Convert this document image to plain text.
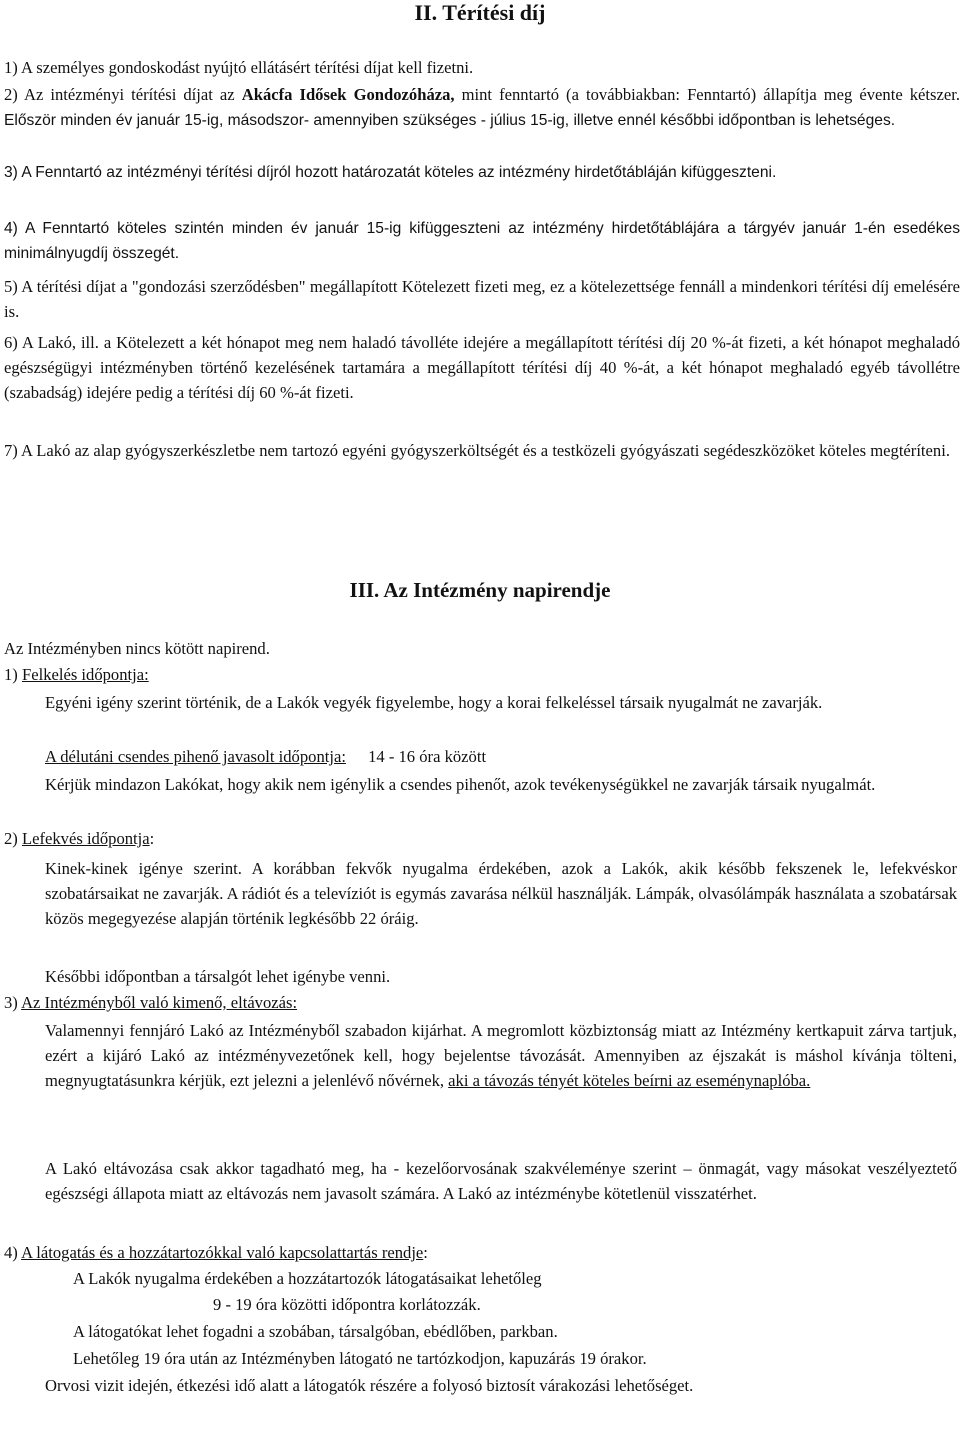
II. Térítési díj
1) A személyes gondoskodást nyújtó ellátásért térítési díjat kell fizetni.
2) Az intézményi térítési díjat az Akácfa Idősek Gondozóháza, mint fenntartó (a továbbiakban: Fenntartó) állapítja meg évente kétszer. Először minden év január 15-ig, másodszor- amennyiben szükséges - július 15-ig, illetve ennél későbbi időpontban is lehetséges.
3) A Fenntartó az intézményi térítési díjról hozott határozatát köteles az intézmény hirdetőtábláján kifüggeszteni.
4) A Fenntartó köteles szintén minden év január 15-ig kifüggeszteni az intézmény hirdetőtáblájára a tárgyév január 1-én esedékes minimálnyugdíj összegét.
5) A térítési díjat a "gondozási szerződésben" megállapított Kötelezett fizeti meg, ez a kötelezettsége fennáll a mindenkori térítési díj emelésére is.
6) A Lakó, ill. a Kötelezett a két hónapot meg nem haladó távolléte idejére a megállapított térítési díj 20 %-át fizeti, a két hónapot meghaladó egészségügyi intézményben történő kezelésének tartamára a megállapított térítési díj 40 %-át, a két hónapot meghaladó egyéb távollétre (szabadság) idejére pedig a térítési díj 60 %-át fizeti.
7) A Lakó az alap gyógyszerkészletbe nem tartozó egyéni gyógyszerköltségét és a testközeli gyógyászati segédeszközöket köteles megtéríteni.
III. Az Intézmény napirendje
Az Intézményben nincs kötött napirend.
1) Felkelés időpontja:
Egyéni igény szerint történik, de a Lakók vegyék figyelembe, hogy a korai felkeléssel társaik nyugalmát ne zavarják.
A délutáni csendes pihenő javasolt időpontja: 14 - 16 óra között
Kérjük mindazon Lakókat, hogy akik nem igénylik a csendes pihenőt, azok tevékenységükkel ne zavarják társaik nyugalmát.
2) Lefekvés időpontja:
Kinek-kinek igénye szerint. A korábban fekvők nyugalma érdekében, azok a Lakók, akik később fekszenek le, lefekvéskor szobatársaikat ne zavarják. A rádiót és a televíziót is egymás zavarása nélkül használják. Lámpák, olvasólámpák használata a szobatársak közös megegyezése alapján történik legkésőbb 22 óráig.
Későbbi időpontban a társalgót lehet igénybe venni.
3) Az Intézményből való kimenő, eltávozás:
Valamennyi fennjáró Lakó az Intézményből szabadon kijárhat. A megromlott közbiztonság miatt az Intézmény kertkapuit zárva tartjuk, ezért a kijáró Lakó az intézményvezetőnek kell, hogy bejelentse távozását. Amennyiben az éjszakát is máshol kívánja tölteni, megnyugtatásunkra kérjük, ezt jelezni a jelenlévő nővérnek, aki a távozás tényét köteles beírni az eseménynaplóba.
A Lakó eltávozása csak akkor tagadható meg, ha - kezelőorvosának szakvéleménye szerint – önmagát, vagy másokat veszélyeztető egészségi állapota miatt az eltávozás nem javasolt számára. A Lakó az intézménybe kötetlenül visszatérhet.
4) A látogatás és a hozzátartozókkal való kapcsolattartás rendje:
A Lakók nyugalma érdekében a hozzátartozók látogatásaikat lehetőleg
9 - 19 óra közötti időpontra korlátozzák.
A látogatókat lehet fogadni a szobában, társalgóban, ebédlőben, parkban.
Lehetőleg 19 óra után az Intézményben látogató ne tartózkodjon, kapuzárás 19 órakor.
Orvosi vizit idején, étkezési idő alatt a látogatók részére a folyosó biztosít várakozási lehetőséget.
